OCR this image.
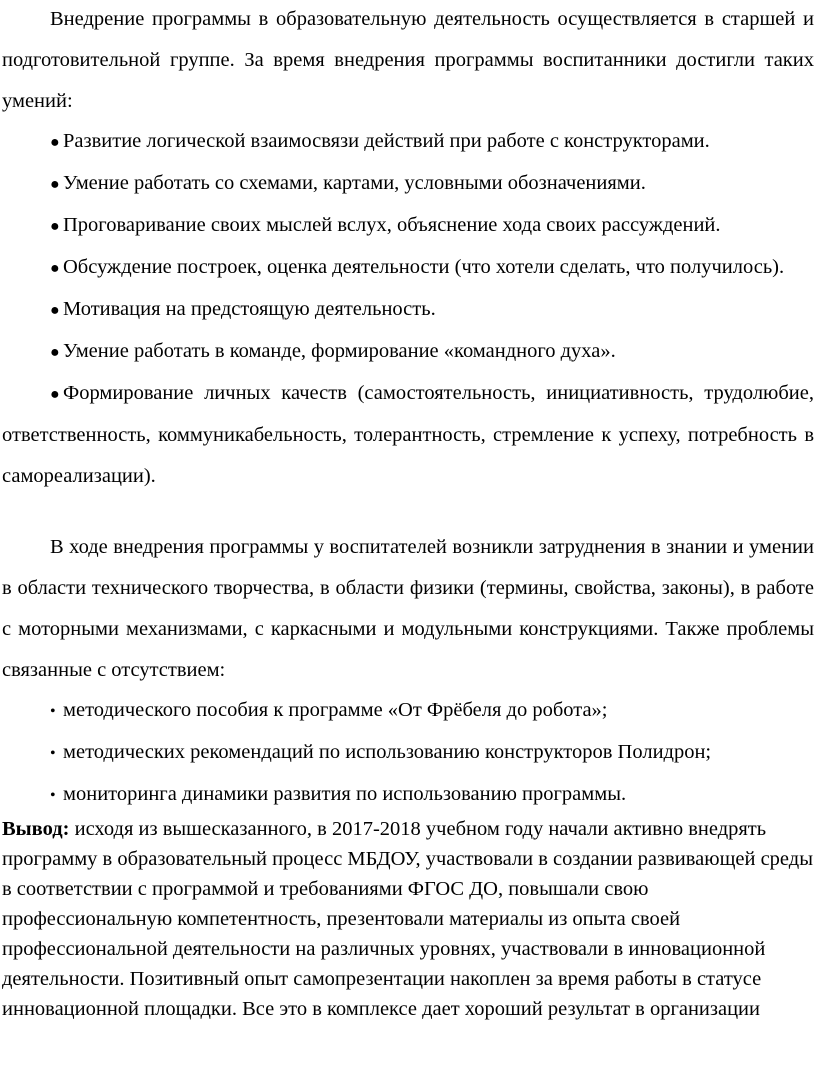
Внедрение программы в образовательную деятельность осуществляется в старшей и подготовительной группе. За время внедрения программы воспитанники достигли таких умений:

● Развитие логической взаимосвязи действий при работе с конструкторами.
● Умение работать со схемами, картами, условными обозначениями.
● Проговаривание своих мыслей вслух, объяснение хода своих рассуждений.
● Обсуждение построек, оценка деятельности (что хотели сделать, что получилось).
● Мотивация на предстоящую деятельность.
● Умение работать в команде, формирование «командного духа».
● Формирование личных качеств (самостоятельность, инициативность, трудолюбие, ответственность, коммуникабельность, толерантность, стремление к успеху, потребность в самореализации).

В ходе внедрения программы у воспитателей возникли затруднения в знании и умении в области технического творчества, в области физики (термины, свойства, законы), в работе с моторными механизмами, с каркасными и модульными конструкциями. Также проблемы связанные с отсутствием:

• методического пособия к программе «От Фрёбеля до робота»;
• методических рекомендаций по использованию конструкторов Полидрон;
• мониторинга динамики развития по использованию программы.

Вывод: исходя из вышесказанного, в 2017-2018 учебном году начали активно внедрять программу в образовательный процесс МБДОУ, участвовали в создании развивающей среды в соответствии с программой и требованиями ФГОС ДО, повышали свою профессиональную компетентность, презентовали материалы из опыта своей профессиональной деятельности на различных уровнях, участвовали в инновационной деятельности. Позитивный опыт самопрезентации накоплен за время работы в статусе инновационной площадки. Все это в комплексе дает хороший результат в организации
